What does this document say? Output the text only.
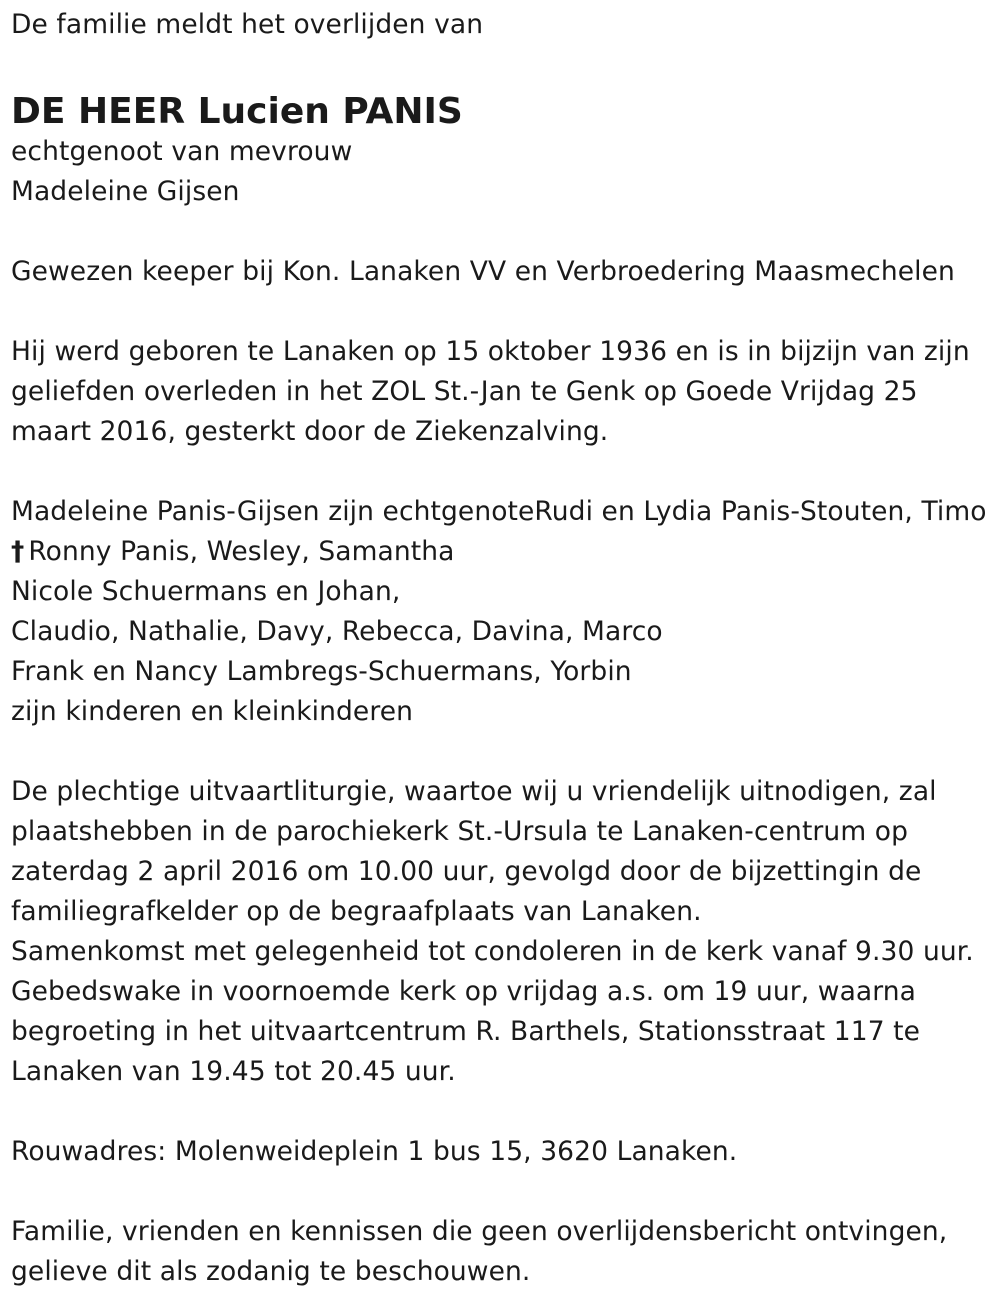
De familie meldt het overlijden van
DE HEER Lucien PANIS
echtgenoot van mevrouw
Madeleine Gijsen
Gewezen keeper bij Kon. Lanaken VV en Verbroedering Maasmechelen
Hij werd geboren te Lanaken op 15 oktober 1936 en is in bijzijn van zijn
geliefden overleden in het ZOL St.-Jan te Genk op Goede Vrijdag 25
maart 2016, gesterkt door de Ziekenzalving.
Madeleine Panis-Gijsen zijn echtgenoteRudi en Lydia Panis-Stouten, Timo
† Ronny Panis, Wesley, Samantha
Nicole Schuermans en Johan,
Claudio, Nathalie, Davy, Rebecca, Davina, Marco
Frank en Nancy Lambregs-Schuermans, Yorbin
zijn kinderen en kleinkinderen
De plechtige uitvaartliturgie, waartoe wij u vriendelijk uitnodigen, zal
plaatshebben in de parochiekerk St.-Ursula te Lanaken-centrum op
zaterdag 2 april 2016 om 10.00 uur, gevolgd door de bijzettingin de
familiegrafkelder op de begraafplaats van Lanaken.
Samenkomst met gelegenheid tot condoleren in de kerk vanaf 9.30 uur.
Gebedswake in voornoemde kerk op vrijdag a.s. om 19 uur, waarna
begroeting in het uitvaartcentrum R. Barthels, Stationsstraat 117 te
Lanaken van 19.45 tot 20.45 uur.
Rouwadres: Molenweideplein 1 bus 15, 3620 Lanaken.
Familie, vrienden en kennissen die geen overlijdensbericht ontvingen,
gelieve dit als zodanig te beschouwen.
